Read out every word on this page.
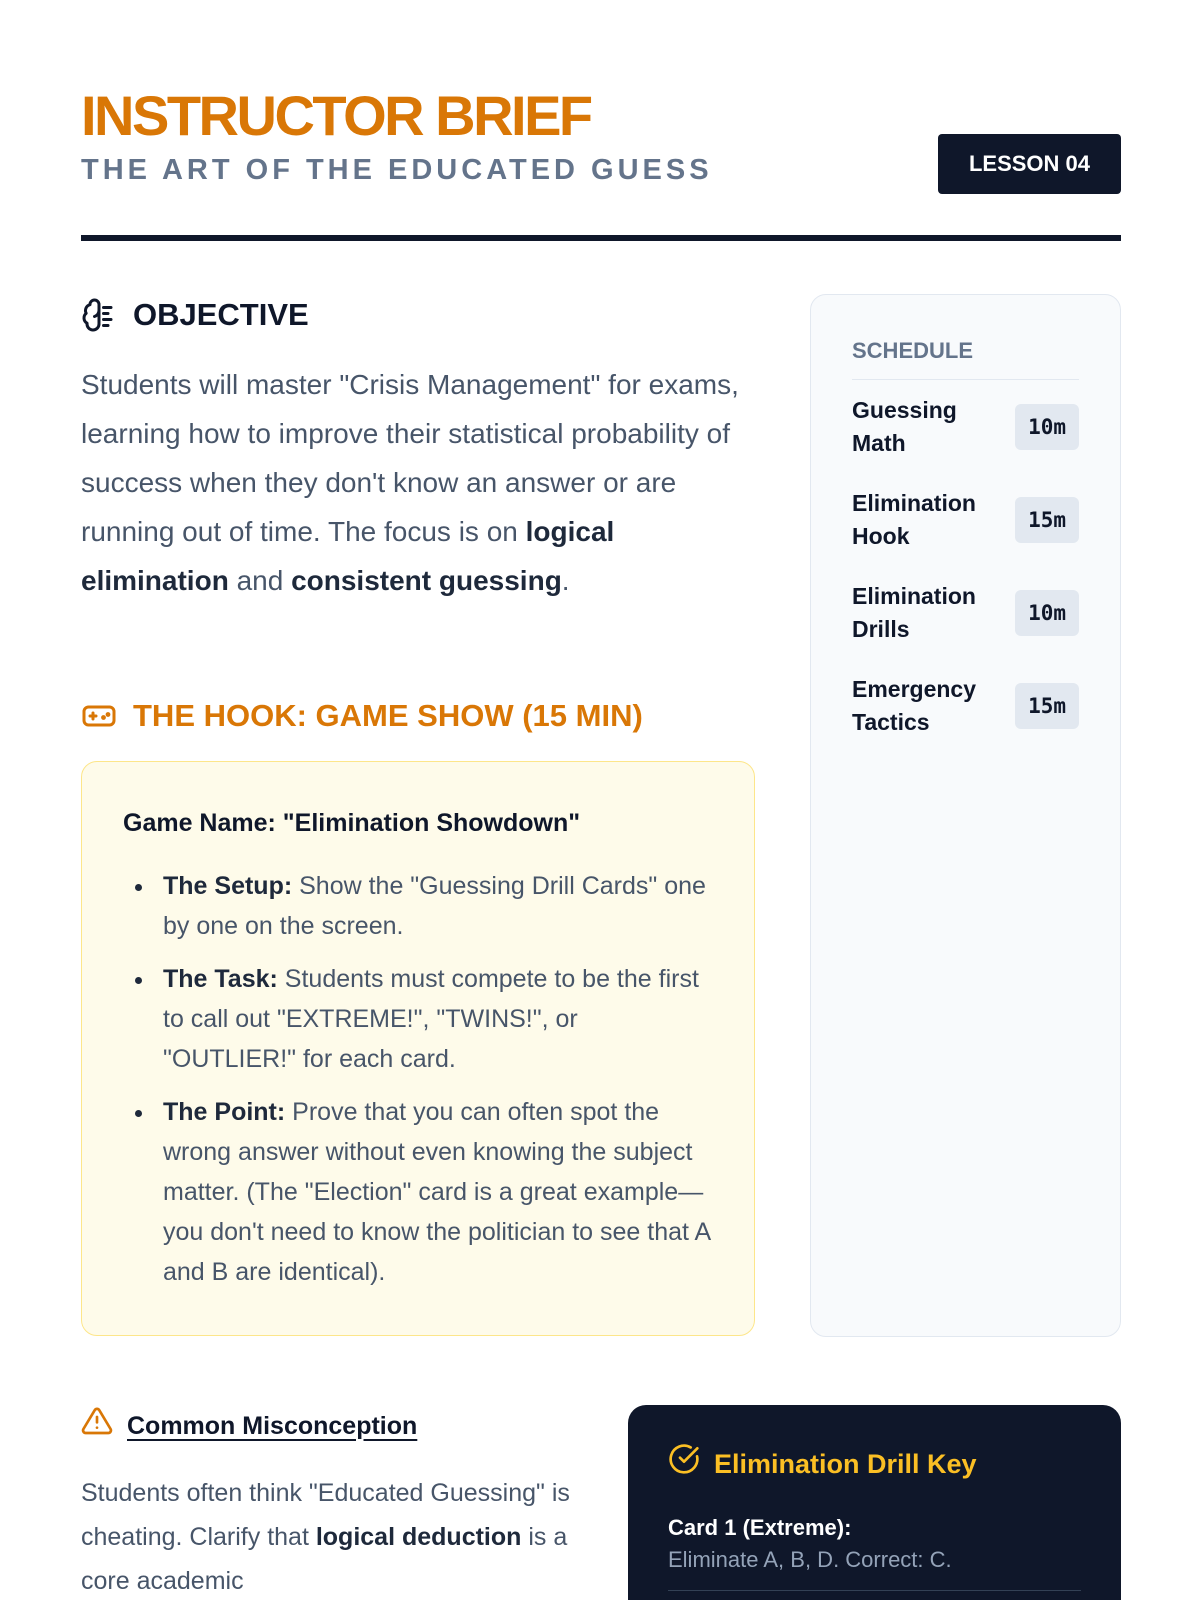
INSTRUCTOR BRIEF
THE ART OF THE EDUCATED GUESS	LESSON 04
OBJECTIVE

Students will master "Crisis Management" for exams, learning how to improve their statistical probability of success when they don't know an answer or are running out of time. The focus is on logical elimination and consistent guessing.

THE HOOK: GAME SHOW (15 MIN)
Game Name: "Elimination Showdown"
The Setup: Show the "Guessing Drill Cards" one by one on the screen.
The Task: Students must compete to be the first to call out "EXTREME!", "TWINS!", or "OUTLIER!" for each card.
The Point: Prove that you can often spot the wrong answer without even knowing the subject matter. (The "Election" card is a great example—you don't need to know the politician to see that A and B are identical).
SCHEDULE
Guessing Math
10m
Elimination Hook
15m
Elimination Drills
10m
Emergency Tactics
15m
Common Misconception

Students often think "Educated Guessing" is cheating. Clarify that logical deduction is a core academic

Elimination Drill Key
Card 1 (Extreme):
Eliminate A, B, D. Correct: C.
